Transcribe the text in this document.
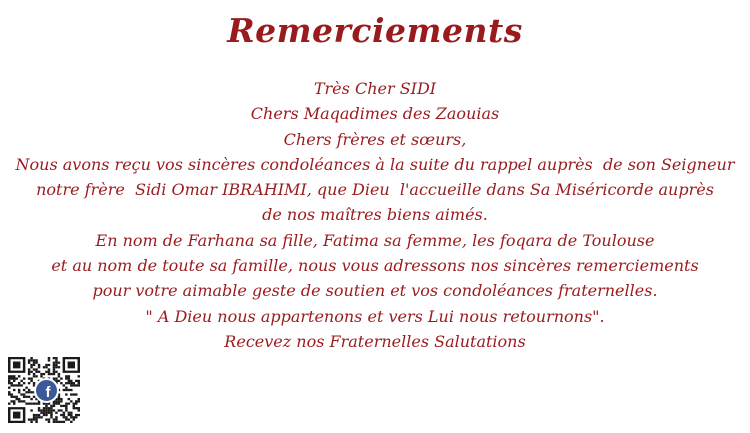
Remerciements

Très Cher SIDI

Chers Maqadimes des Zaouias

Chers frères et sœurs,

Nous avons reçu vos sincères condoléances à la suite du rappel auprès  de son Seigneur

notre frère  Sidi Omar IBRAHIMI, que Dieu  l'accueille dans Sa Miséricorde auprès

de nos maîtres biens aimés.

En nom de Farhana sa fille, Fatima sa femme, les foqara de Toulouse

et au nom de toute sa famille, nous vous adressons nos sincères remerciements

pour votre aimable geste de soutien et vos condoléances fraternelles.

" A Dieu nous appartenons et vers Lui nous retournons".

Recevez nos Fraternelles Salutations

f
